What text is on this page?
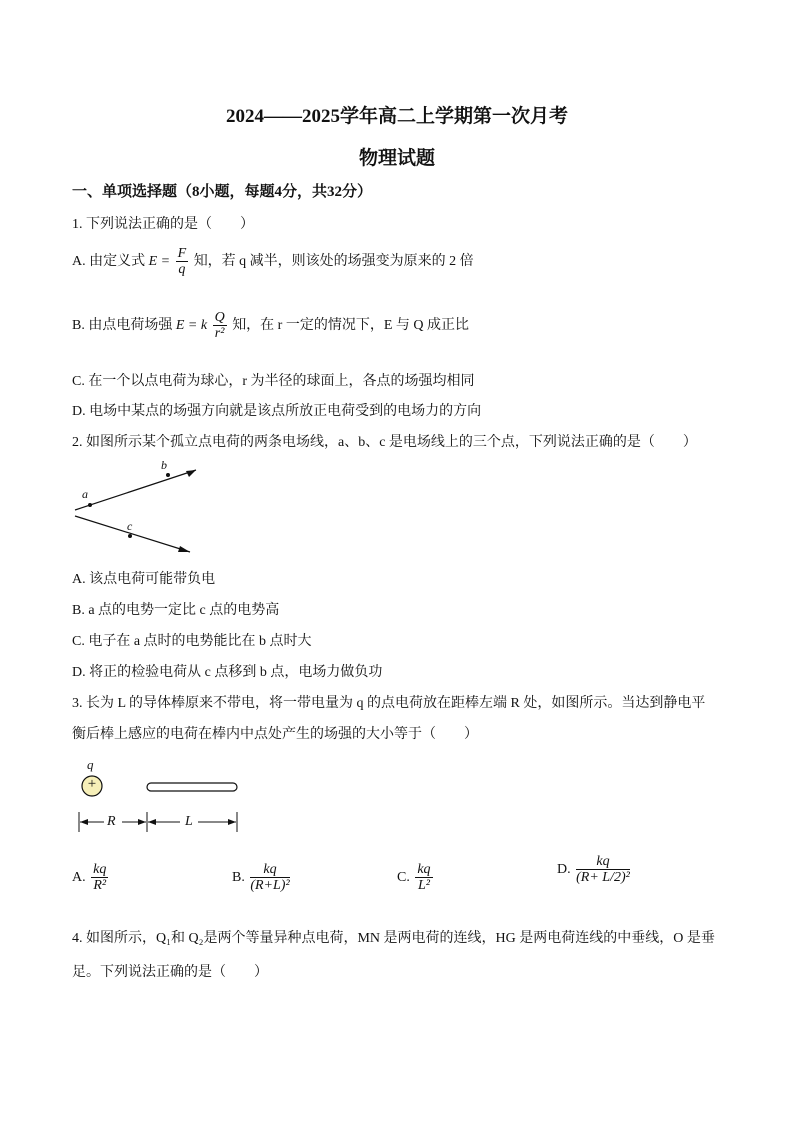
2024——2025学年高二上学期第一次月考
物理试题
一、单项选择题（8小题，每题4分，共32分）
1. 下列说法正确的是（　　）
A. 由定义式 $E = \frac{F}{q}$ 知，若 q 减半，则该处的场强变为原来的 2 倍
B. 由点电荷场强 E = k $\frac{Q}{\text{r²}}$ 知，在 r 一定的情况下，E 与 Q 成正比
C. 在一个以点电荷为球心，r 为半径的球面上，各点的场强均相同
D. 电场中某点的场强方向就是该点所放正电荷受到的电场力的方向
2. 如图所示某个孤立点电荷的两条电场线，a、b、c 是电场线上的三个点，下列说法正确的是（　　）
a
b
c
A. 该点电荷可能带负电
B. a 点的电势一定比 c 点的电势高
C. 电子在 a 点时的电势能比在 b 点时大
D. 将正的检验电荷从 c 点移到 b 点，电场力做负功
3. 长为 L 的导体棒原来不带电，将一带电量为 q 的点电荷放在距棒左端 R 处，如图所示。当达到静电平
衡后棒上感应的电荷在棒内中点处产生的场强的大小等于（　　）
q
+
R	L
A. $\frac{kq}{\text{R²}}$	B. $\frac{kq}{\text{(R+L)²}}$	C. $\frac{kq}{\text{L²}}$	D. $\frac{kq}{\text{(R+ L/2)²}}$
4. 如图所示，Q₁和 Q₂是两个等量异种点电荷，MN 是两电荷的连线，HG 是两电荷连线的中垂线，O 是垂
足。下列说法正确的是（　　）
